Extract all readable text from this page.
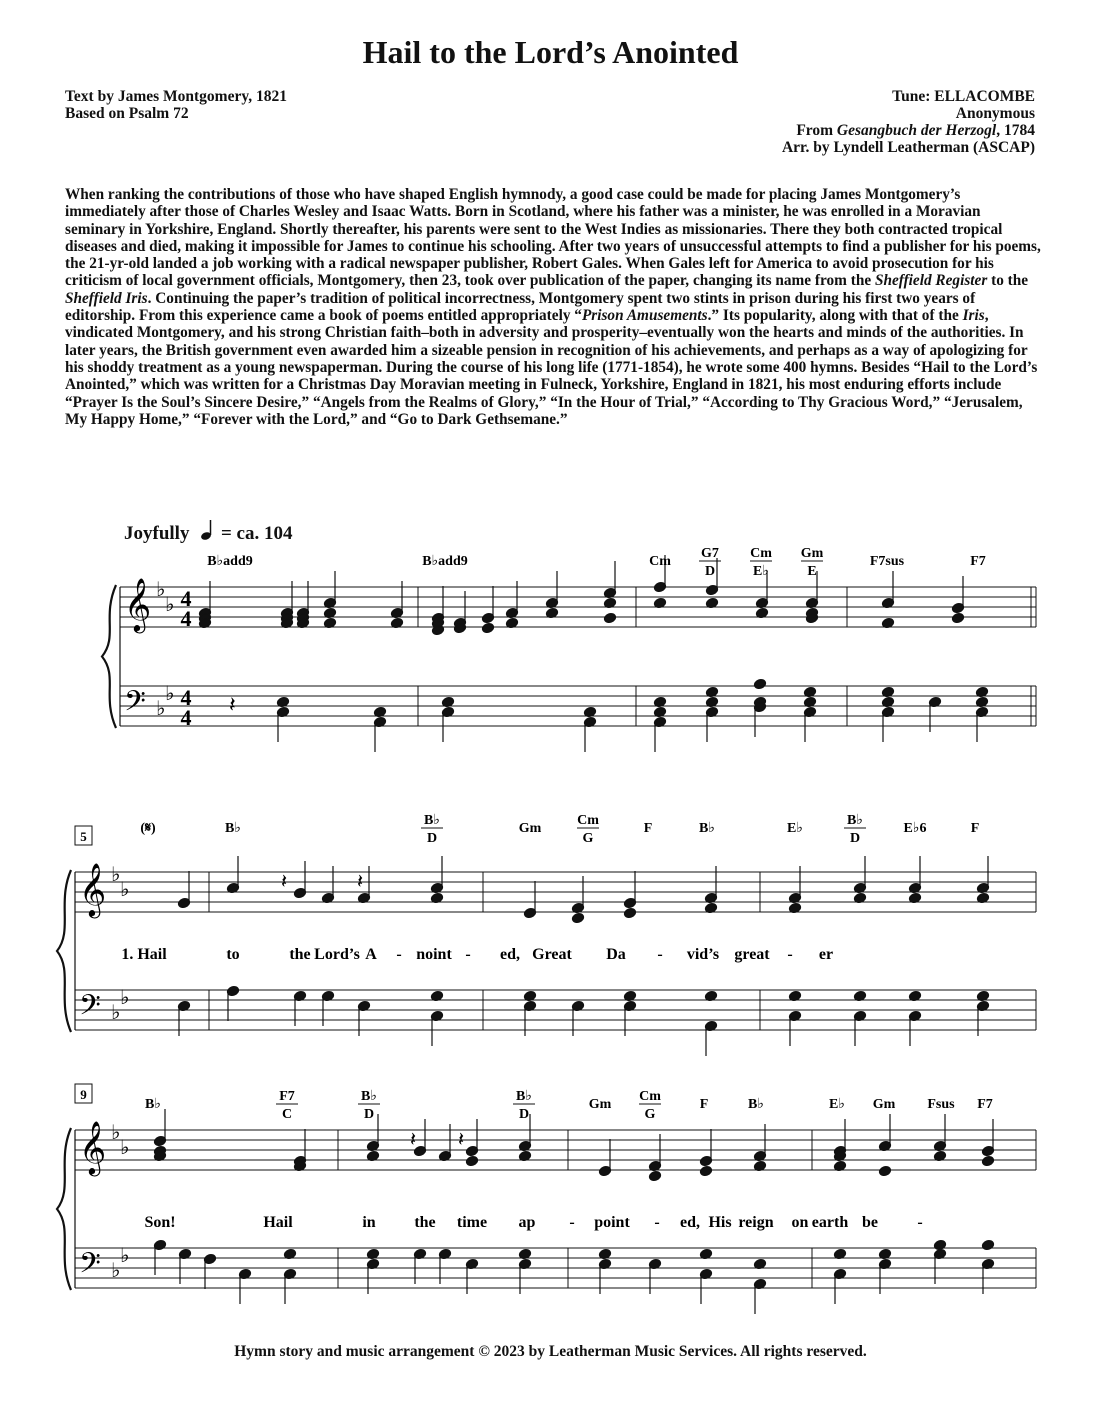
Hail to the Lord’s Anointed
Text by James Montgomery, 1821
Based on Psalm 72
Tune: ELLACOMBE
Anonymous
From Gesangbuch der Herzogl, 1784
Arr. by Lyndell Leatherman (ASCAP)
When ranking the contributions of those who have shaped English hymnody, a good case could be made for placing James Montgomery’s immediately after those of Charles Wesley and Isaac Watts. Born in Scotland, where his father was a minister, he was enrolled in a Moravian seminary in Yorkshire, England. Shortly thereafter, his parents were sent to the West Indies as missionaries. There they both contracted tropical diseases and died, making it impossible for James to continue his schooling. After two years of unsuccessful attempts to find a publisher for his poems, the 21-yr-old landed a job working with a radical newspaper publisher, Robert Gales. When Gales left for America to avoid prosecution for his criticism of local government officials, Montgomery, then 23, took over publication of the paper, changing its name from the Sheffield Register to the Sheffield Iris. Continuing the paper’s tradition of political incorrectness, Montgomery spent two stints in prison during his first two years of editorship. From this experience came a book of poems entitled appropriately “Prison Amusements.” Its popularity, along with that of the Iris, vindicated Montgomery, and his strong Christian faith–both in adversity and prosperity–eventually won the hearts and minds of the authorities. In later years, the British government even awarded him a sizeable pension in recognition of his achievements, and perhaps as a way of apologizing for his shoddy treatment as a young newspaperman. During the course of his long life (1771-1854), he wrote some 400 hymns. Besides “Hail to the Lord’s Anointed,” which was written for a Christmas Day Moravian meeting in Fulneck, Yorkshire, England in 1821, his most enduring efforts include “Prayer Is the Soul’s Sincere Desire,” “Angels from the Realms of Glory,” “In the Hour of Trial,” “According to Thy Gracious Word,” “Jerusalem, My Happy Home,” “Forever with the Lord,” and “Go to Dark Gethsemane.”
Joyfully = ca. 104
𝄞
𝄢
♭
♭
♭
♭
4
4
4
4
𝄞
𝄢
♭
♭
♭
♭
𝄞
𝄢
♭
♭
♭
♭
𝄽
𝄽	𝄽
𝄽 𝄽
5
9
(𝄋)
B♭add9	B♭add9	Cm
G7
D
Cm
E♭
Gm
E
F7sus	F7
B♭
B♭
D
Gm
Cm
G
F	B♭	E♭
B♭
D
E♭6	F
B♭
F7
C
B♭
D
B♭
D
Gm
Cm
G
F	B♭	E♭ Gm Fsus F7
1. Hail	to	the Lord’s A - noint - ed, Great Da - vid’s great - er
Son!	Hail	in the time ap - point - ed, His reign on earth be -
Hymn story and music arrangement © 2023 by Leatherman Music Services. All rights reserved.
